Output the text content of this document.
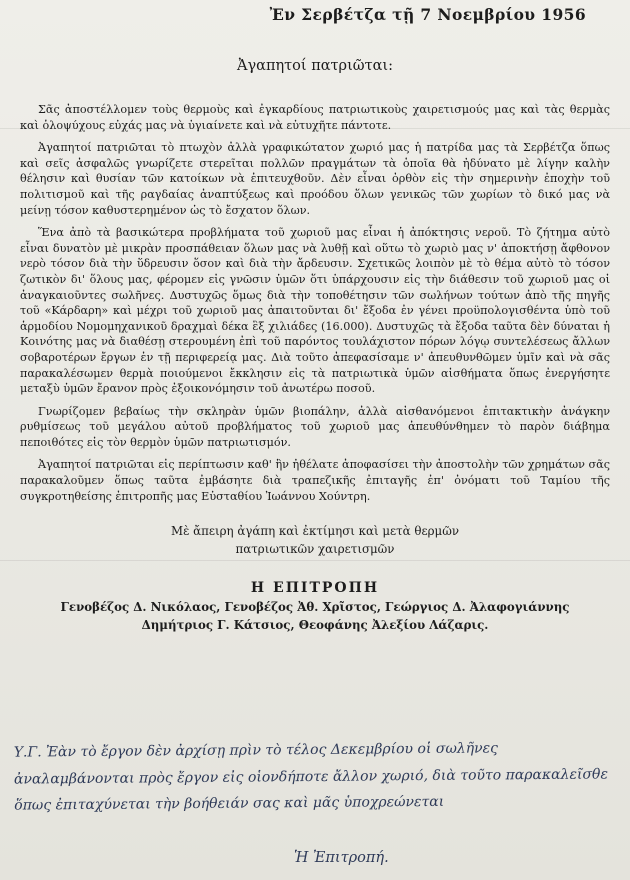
Ἐν Σερβέτζα τῇ 7 Νοεμβρίου 1956
Ἀγαπητοί πατριῶται:

Σᾶς ἀποστέλλομεν τοὺς θερμοὺς καὶ ἐγκαρδίους πατριωτικοὺς χαιρετισμούς μας καὶ τὰς θερμὰς καὶ ὁλοψύχους εὐχάς μας νὰ ὑγιαίνετε καὶ νὰ εὐτυχῆτε πάντοτε.

Ἀγαπητοί πατριῶται τὸ πτωχὸν ἀλλὰ γραφικώτατον χωριό μας ἡ πατρίδα μας τὰ Σερβέτζα ὅπως καὶ σεῖς ἀσφαλῶς γνωρίζετε στερεῖται πολλῶν πραγμάτων τὰ ὁποῖα θὰ ἠδύνατο μὲ λίγην καλὴν θέλησιν καὶ θυσίαν τῶν κατοίκων νὰ ἐπιτευχθοῦν. Δὲν εἶναι ὀρθὸν εἰς τὴν σημερινὴν ἐποχὴν τοῦ πολιτισμοῦ καὶ τῆς ραγδαίας ἀναπτύξεως καὶ προόδου ὅλων γενικῶς τῶν χωρίων τὸ δικό μας νὰ μείνῃ τόσον καθυστερημένον ὡς τὸ ἔσχατον ὅλων.

Ἕνα ἀπὸ τὰ βασικώτερα προβλήματα τοῦ χωριοῦ μας εἶναι ἡ ἀπόκτησις νεροῦ. Τὸ ζήτημα αὐτὸ εἶναι δυνατὸν μὲ μικρὰν προσπάθειαν ὅλων μας νὰ λυθῇ καὶ οὕτω τὸ χωριὸ μας ν' ἀποκτήσῃ ἄφθονον νερὸ τόσον διὰ τὴν ὕδρευσιν ὅσον καὶ διὰ τὴν ἄρδευσιν. Σχετικῶς λοιπὸν μὲ τὸ θέμα αὐτὸ τὸ τόσον ζωτικὸν δι' ὅλους μας, φέρομεν εἰς γνῶσιν ὑμῶν ὅτι ὑπάρχουσιν εἰς τὴν διάθεσιν τοῦ χωριοῦ μας οἱ ἀναγκαιοῦντες σωλῆνες. Δυστυχῶς ὅμως διὰ τὴν τοποθέτησιν τῶν σωλήνων τούτων ἀπὸ τῆς πηγῆς τοῦ «Κάρδαρη» καὶ μέχρι τοῦ χωριοῦ μας ἀπαιτοῦνται δι' ἔξοδα ἐν γένει προϋπολογισθέντα ὑπὸ τοῦ ἁρμοδίου Νομομηχανικοῦ δραχμαὶ δέκα ἓξ χιλιάδες (16.000). Δυστυχῶς τὰ ἔξοδα ταῦτα δὲν δύναται ἡ Κοινότης μας νὰ διαθέσῃ στερουμένη ἐπὶ τοῦ παρόντος τουλάχιστον πόρων λόγῳ συντελέσεως ἄλλων σοβαροτέρων ἔργων ἐν τῇ περιφερείᾳ μας. Διὰ τοῦτο ἀπεφασίσαμε ν' ἀπευθυνθῶμεν ὑμῖν καὶ νὰ σᾶς παρακαλέσωμεν θερμὰ ποιούμενοι ἔκκλησιν εἰς τὰ πατριωτικὰ ὑμῶν αἰσθήματα ὅπως ἐνεργήσητε μεταξὺ ὑμῶν ἔρανον πρὸς ἐξοικονόμησιν τοῦ ἀνωτέρω ποσοῦ.

Γνωρίζομεν βεβαίως τὴν σκληρὰν ὑμῶν βιοπάλην, ἀλλὰ αἰσθανόμενοι ἐπιτακτικὴν ἀνάγκην ρυθμίσεως τοῦ μεγάλου αὐτοῦ προβλήματος τοῦ χωριοῦ μας ἀπευθύνθημεν τὸ παρὸν διάβημα πεποιθότες εἰς τὸν θερμὸν ὑμῶν πατριωτισμόν.

Ἀγαπητοί πατριῶται εἰς περίπτωσιν καθ' ἣν ἠθέλατε ἀποφασίσει τὴν ἀποστολὴν τῶν χρημάτων σᾶς παρακαλοῦμεν ὅπως ταῦτα ἐμβάσητε διὰ τραπεζικῆς ἐπιταγῆς ἐπ' ὀνόματι τοῦ Ταμίου τῆς συγκροτηθείσης ἐπιτροπῆς μας Εὐσταθίου Ἰωάννου Χούντρη.

Μὲ ἄπειρη ἀγάπη καὶ ἐκτίμησι καὶ μετὰ θερμῶν
πατριωτικῶν χαιρετισμῶν
Η ΕΠΙΤΡΟΠΗ
Γενοβέζος Δ. Νικόλαος, Γενοβέζος Ἀθ. Χρῖστος, Γεώργιος Δ. Ἀλαφογιάννης
Δημήτριος Γ. Κάτσιος, Θεοφάνης Ἀλεξίου Λάζαρις.
Υ.Γ. Ἐὰν τὸ ἔργον δὲν ἀρχίσῃ πρὶν τὸ τέλος Δεκεμβρίου οἱ σωλῆνες ἀναλαμβάνονται πρὸς ἔργον εἰς οἱονδήποτε ἄλλον χωριό, διὰ τοῦτο παρακαλεῖσθε ὅπως ἐπιταχύνεται τὴν βοήθειάν σας καὶ μᾶς ὑποχρεώνεται
Ἡ Ἐπιτροπή.
